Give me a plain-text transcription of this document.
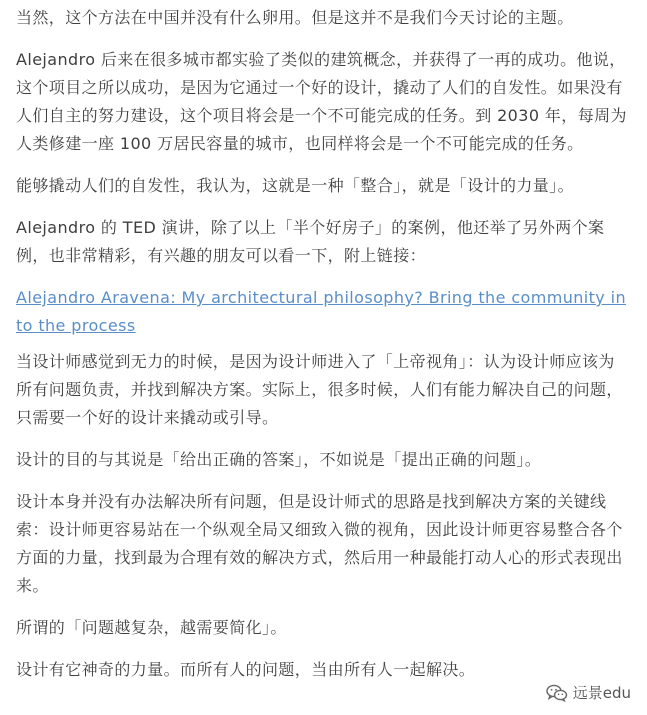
当然，这个方法在中国并没有什么卵用。但是这并不是我们今天讨论的主题。

Alejandro 后来在很多城市都实验了类似的建筑概念，并获得了一再的成功。他说，这个项目之所以成功，是因为它通过一个好的设计，撬动了人们的自发性。如果没有人们自主的努力建设，这个项目将会是一个不可能完成的任务。到 2030 年，每周为人类修建一座 100 万居民容量的城市，也同样将会是一个不可能完成的任务。

能够撬动人们的自发性，我认为，这就是一种「整合」，就是「设计的力量」。

Alejandro 的 TED 演讲，除了以上「半个好房子」的案例，他还举了另外两个案例，也非常精彩，有兴趣的朋友可以看一下，附上链接：

Alejandro Aravena: My architectural philosophy? Bring the community into the process

当设计师感觉到无力的时候，是因为设计师进入了「上帝视角」：认为设计师应该为所有问题负责，并找到解决方案。实际上，很多时候，人们有能力解决自己的问题，只需要一个好的设计来撬动或引导。

设计的目的与其说是「给出正确的答案」，不如说是「提出正确的问题」。

设计本身并没有办法解决所有问题，但是设计师式的思路是找到解决方案的关键线索：设计师更容易站在一个纵观全局又细致入微的视角，因此设计师更容易整合各个方面的力量，找到最为合理有效的解决方式，然后用一种最能打动人心的形式表现出来。

所谓的「问题越复杂，越需要简化」。

设计有它神奇的力量。而所有人的问题，当由所有人一起解决。

远景edu
